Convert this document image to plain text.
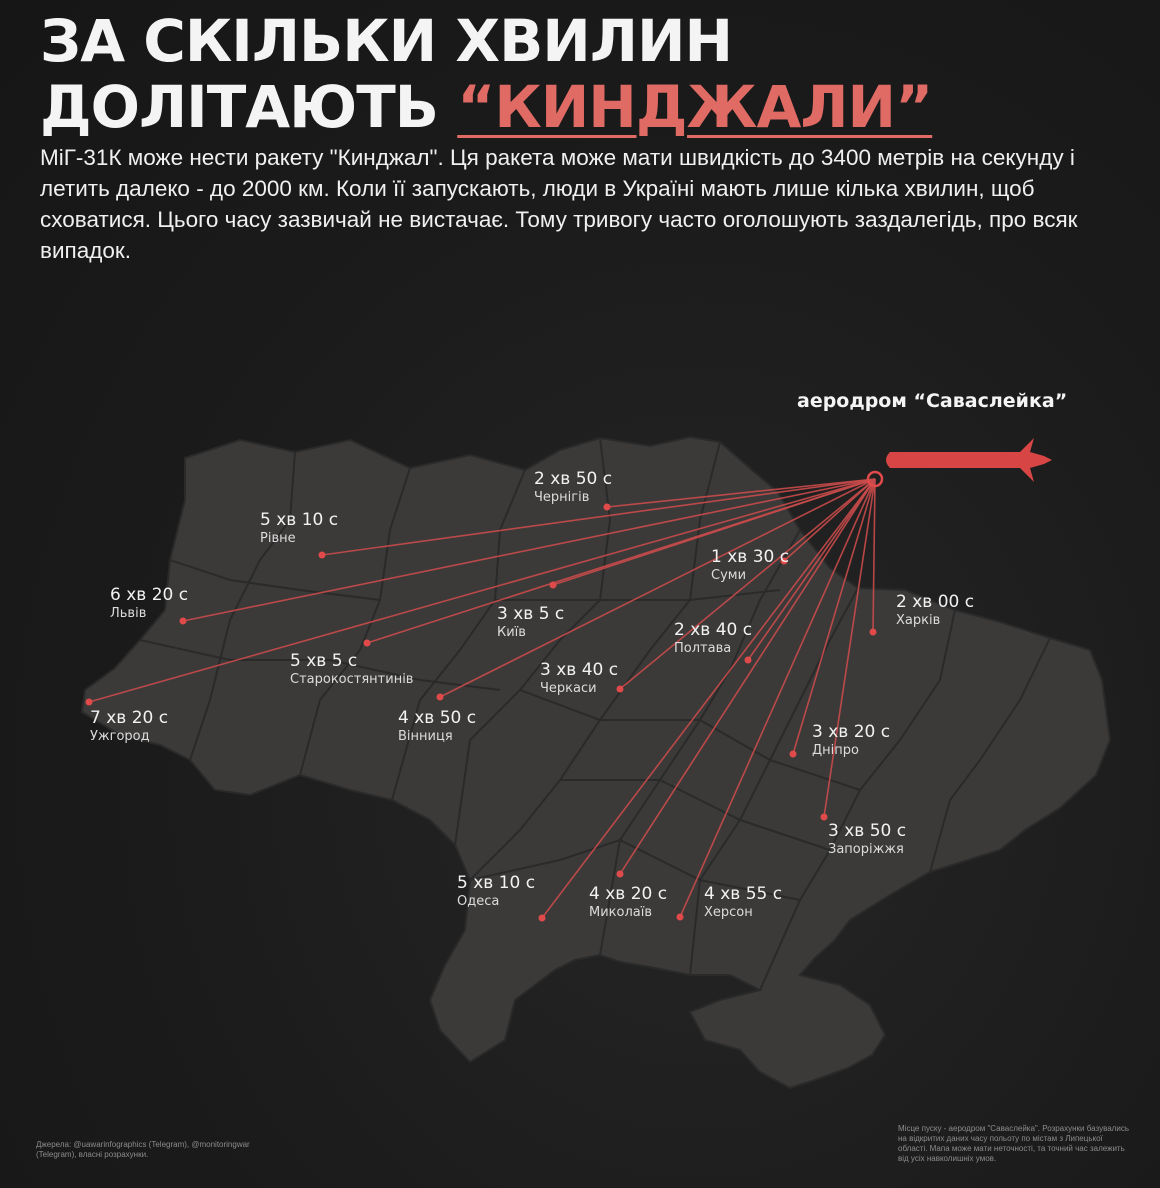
ЗА СКІЛЬКИ ХВИЛИН
ДОЛІТАЮТЬ “КИНДЖАЛИ”

МіГ-31К може нести ракету "Кинджал". Ця ракета може мати швидкість до 3400 метрів на секунду і летить далеко - до 2000 км. Коли її запускають, люди в Україні мають лише кілька хвилин, щоб сховатися. Цього часу зазвичай не вистачає. Тому тривогу часто оголошують заздалегідь, про всяк випадок.

аеродром “Саваслейка”
2 хв 50 с
Чернігів
5 хв 10 с
Рівне
1 хв 30 с
Суми
6 хв 20 с
Львів	3 хв 5 с
Київ
2 хв 00 с
Харків
5 хв 5 с
Старокостянтинів
2 хв 40 с
Полтава
3 хв 40 с
Черкаси
7 хв 20 с
Ужгород
4 хв 50 с
Вінниця	3 хв 20 с
Дніпро
3 хв 50 с
Запоріжжя
5 хв 10 с
Одеса	4 хв 20 с
Миколаїв
4 хв 55 с
Херсон
Джерела: @uawarinfographics (Telegram), @monitoringwar (Telegram), власні розрахунки.
Місце пуску - аеродром "Саваслейка". Розрахунки базувались на відкритих даних часу польоту по містам з Липецької області. Мапа може мати неточності, та точний час залежить від усіх навколишніх умов.
